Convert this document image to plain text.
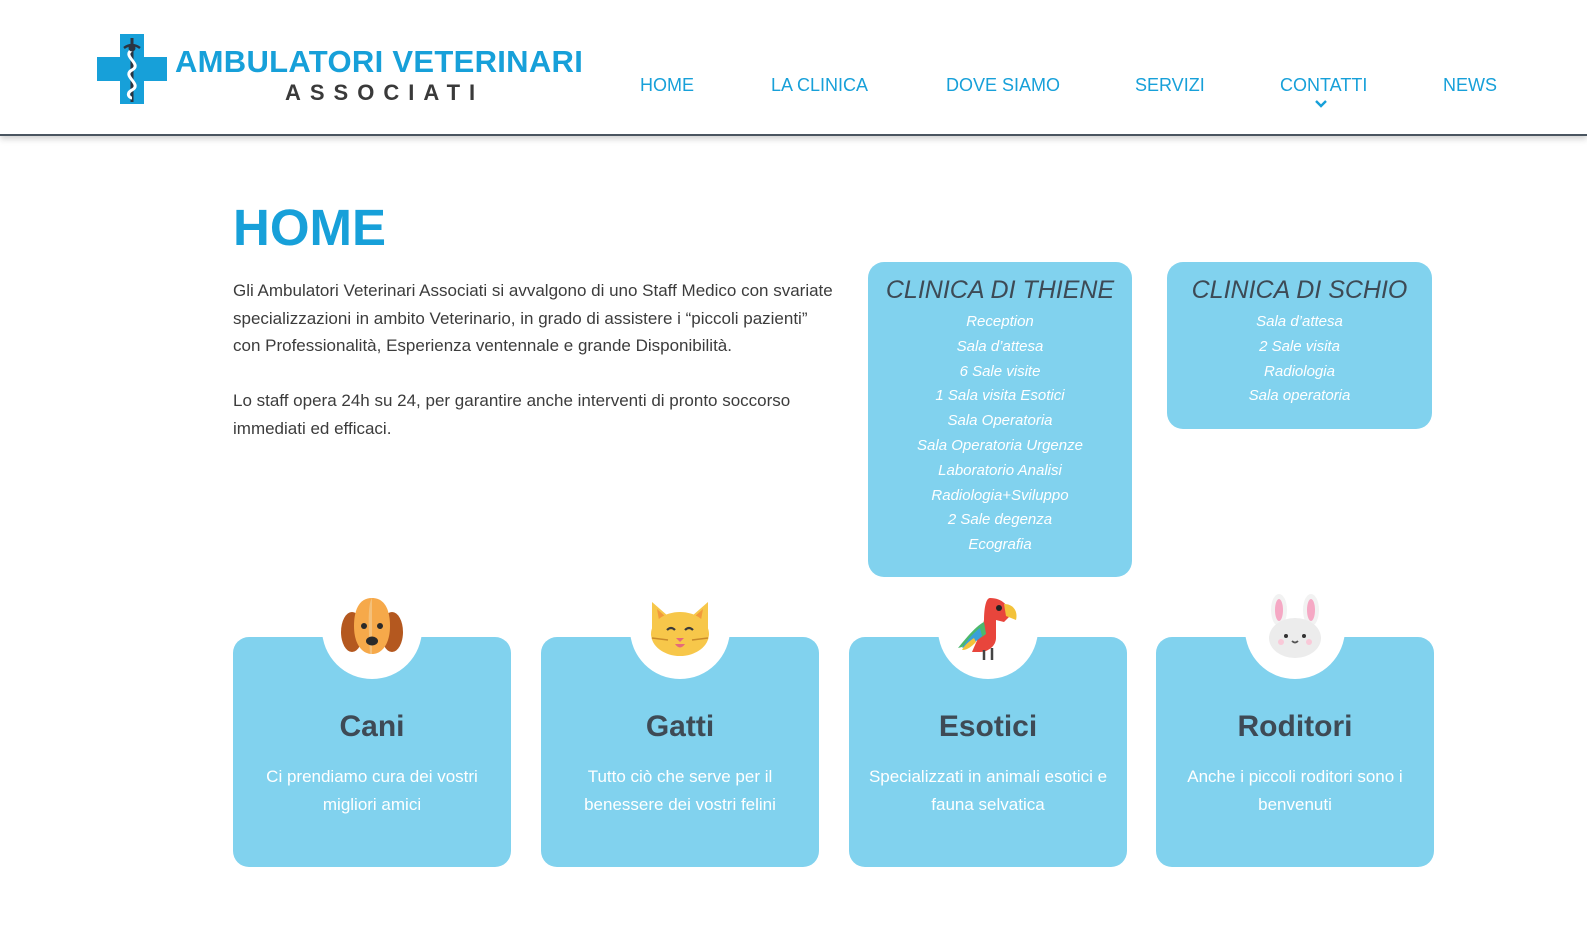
AMBULATORI VETERINARI
ASSOCIATI	HOME	LA CLINICA	DOVE SIAMO	SERVIZI	CONTATTI	NEWS
HOME

Gli Ambulatori Veterinari Associati si avvalgono di uno Staff Medico con svariate specializzazioni in ambito Veterinario, in grado di assistere i “piccoli pazienti” con Professionalità, Esperienza ventennale e grande Disponibilità.

Lo staff opera 24h su 24, per garantire anche interventi di pronto soccorso immediati ed efficaci.

CLINICA DI THIENE
Reception
Sala d’attesa
6 Sale visite
1 Sala visita Esotici
Sala Operatoria
Sala Operatoria Urgenze
Laboratorio Analisi
Radiologia+Sviluppo
2 Sale degenza
Ecografia
CLINICA DI SCHIO
Sala d’attesa
2 Sale visita
Radiologia
Sala operatoria
Cani
Ci prendiamo cura dei vostri migliori amici
Gatti
Tutto ciò che serve per il benessere dei vostri felini
Esotici
Specializzati in animali esotici e fauna selvatica
Roditori
Anche i piccoli roditori sono i benvenuti
